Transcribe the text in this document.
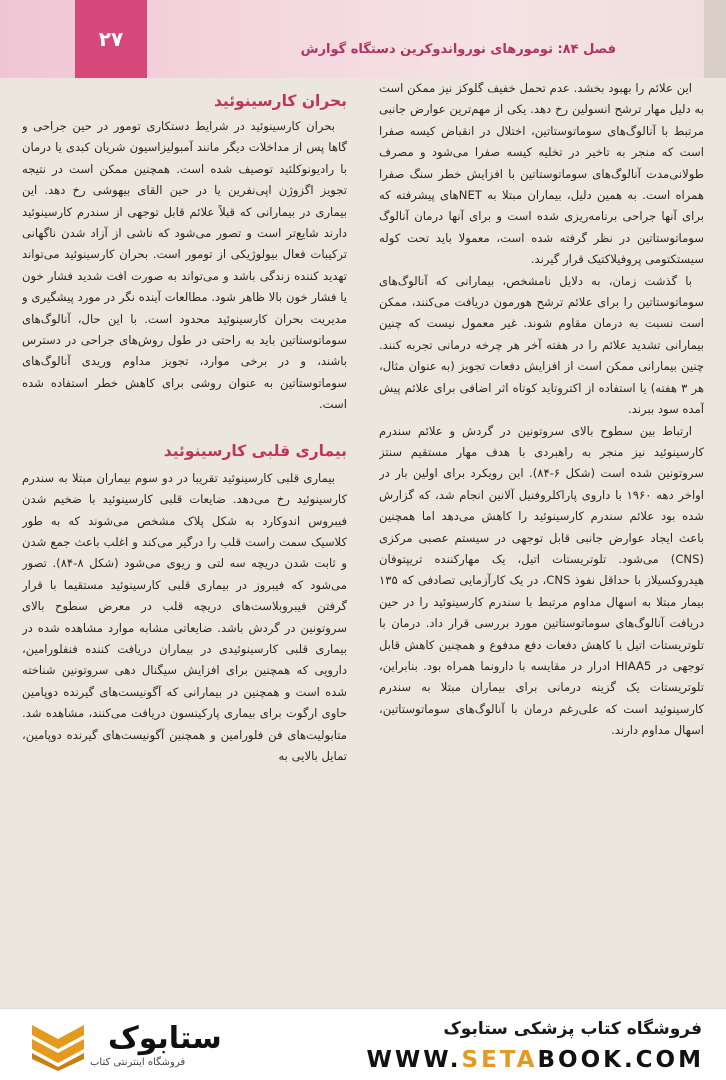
فصل ۸۴: تومورهای نورواندوکرین دستگاه گوارش
۲۷

این علائم را بهبود بخشد. عدم تحمل خفیف گلوکز نیز ممکن است به دلیل مهار ترشح انسولین رخ دهد. یکی از مهم‌ترین عوارض جانبی مرتبط با آنالوگ‌های سوماتوستاتین، اختلال در انقباض کیسه صفرا است که منجر به تاخیر در تخلیه کیسه صفرا می‌شود و مصرف طولانی‌مدت آنالوگ‌های سوماتوستاتین با افزایش خطر سنگ صفرا همراه است. به همین دلیل، بیماران مبتلا به NETهای پیشرفته که برای آنها جراحی برنامه‌ریزی شده است و برای آنها درمان آنالوگ سوماتوستاتین در نظر گرفته شده است، معمولا باید تحت کوله سیستکتومی پروفیلاکتیک قرار گیرند.

با گذشت زمان، به دلایل نامشخص، بیمارانی که آنالوگ‌های سوماتوستاتین را برای علائم ترشح هورمون دریافت می‌کنند، ممکن است نسبت به درمان مقاوم شوند. غیر معمول نیست که چنین بیمارانی تشدید علائم را در هفته آخر هر چرخه درمانی تجربه کنند. چنین بیمارانی ممکن است از افزایش دفعات تجویز (به عنوان مثال، هر ۳ هفته) یا استفاده از اکتروتاید کوتاه اثر اضافی برای علائم پیش آمده سود ببرند.

ارتباط بین سطوح بالای سروتونین در گردش و علائم سندرم کارسینوئید نیز منجر به راهبردی با هدف مهار مستقیم سنتز سروتونین شده است (شکل ۶-۸۴). این رویکرد برای اولین بار در اواخر دهه ۱۹۶۰ با داروی پاراکلروفنیل آلانین انجام شد، که گزارش شده بود علائم سندرم کارسینوئید را کاهش می‌دهد اما همچنین باعث ایجاد عوارض جانبی قابل توجهی در سیستم عصبی مرکزی (CNS) می‌شود. تلوتریستات اتیل، یک مهارکننده تریپتوفان هیدروکسیلاز با حداقل نفوذ CNS، در یک کارآزمایی تصادفی که ۱۳۵ بیمار مبتلا به اسهال مداوم مرتبط با سندرم کارسینوئید را در حین دریافت آنالوگ‌های سوماتوستاتین مورد بررسی قرار داد. درمان با تلوتریستات اتیل با کاهش دفعات دفع مدفوع و همچنین کاهش قابل توجهی در HIAA5 ادرار در مقایسه با دارونما همراه بود. بنابراین، تلوتریستات یک گزینه درمانی برای بیماران مبتلا به سندرم کارسینوئید است که علی‌رغم درمان با آنالوگ‌های سوماتوستاتین، اسهال مداوم دارند.

بحران کارسینوئید

بحران کارسینوئید در شرایط دستکاری تومور در حین جراحی و گاها پس از مداخلات دیگر مانند آمبولیزاسیون شریان کبدی یا درمان با رادیونوکلئید توصیف شده است. همچنین ممکن است در نتیجه تجویز اگزوژن اپی‌نفرین یا در حین القای بیهوشی رخ دهد. این بیماری در بیمارانی که قبلاً علائم قابل توجهی از سندرم کارسینوئید دارند شایع‌تر است و تصور می‌شود که ناشی از آزاد شدن ناگهانی ترکیبات فعال بیولوژیکی از تومور است. بحران کارسینوئید می‌تواند تهدید کننده زندگی باشد و می‌تواند به صورت افت شدید فشار خون یا فشار خون بالا ظاهر شود. مطالعات آینده نگر در مورد پیشگیری و مدیریت بحران کارسینوئید محدود است. با این حال، آنالوگ‌های سوماتوستاتین باید به راحتی در طول روش‌های جراحی در دسترس باشند، و در برخی موارد، تجویز مداوم وریدی آنالوگ‌های سوماتوستاتین به عنوان روشی برای کاهش خطر استفاده شده است.

بیماری قلبی کارسینوئید

بیماری قلبی کارسینوئید تقریبا در دو سوم بیماران مبتلا به سندرم کارسینوئید رخ می‌دهد. ضایعات قلبی کارسینوئید با ضخیم شدن فیبروس اندوکارد به شکل پلاک مشخص می‌شوند که به طور کلاسیک سمت راست قلب را درگیر می‌کند و اغلب باعث جمع شدن و ثابت شدن دریچه سه لتی و ریوی می‌شود (شکل ۸-۸۴). تصور می‌شود که فیبروز در بیماری قلبی کارسینوئید مستقیما با قرار گرفتن فیبروبلاست‌های دریچه قلب در معرض سطوح بالای سروتونین در گردش باشد. ضایعاتی مشابه موارد مشاهده شده در بیماری قلبی کارسینوئیدی در بیماران دریافت کننده فنفلورامین، دارویی که همچنین برای افزایش سیگنال دهی سروتونین شناخته شده است و همچنین در بیمارانی که آگونیست‌های گیرنده دوپامین حاوی ارگوت برای بیماری پارکینسون دریافت می‌کنند، مشاهده شد. متابولیت‌های فن فلورامین و همچنین آگونیست‌های گیرنده دوپامین، تمایل بالایی به

ستابوک
فروشگاه اینترنتی کتاب
فروشگاه کتاب پزشکی ستابوک
WWW.SETABOOK.COM
